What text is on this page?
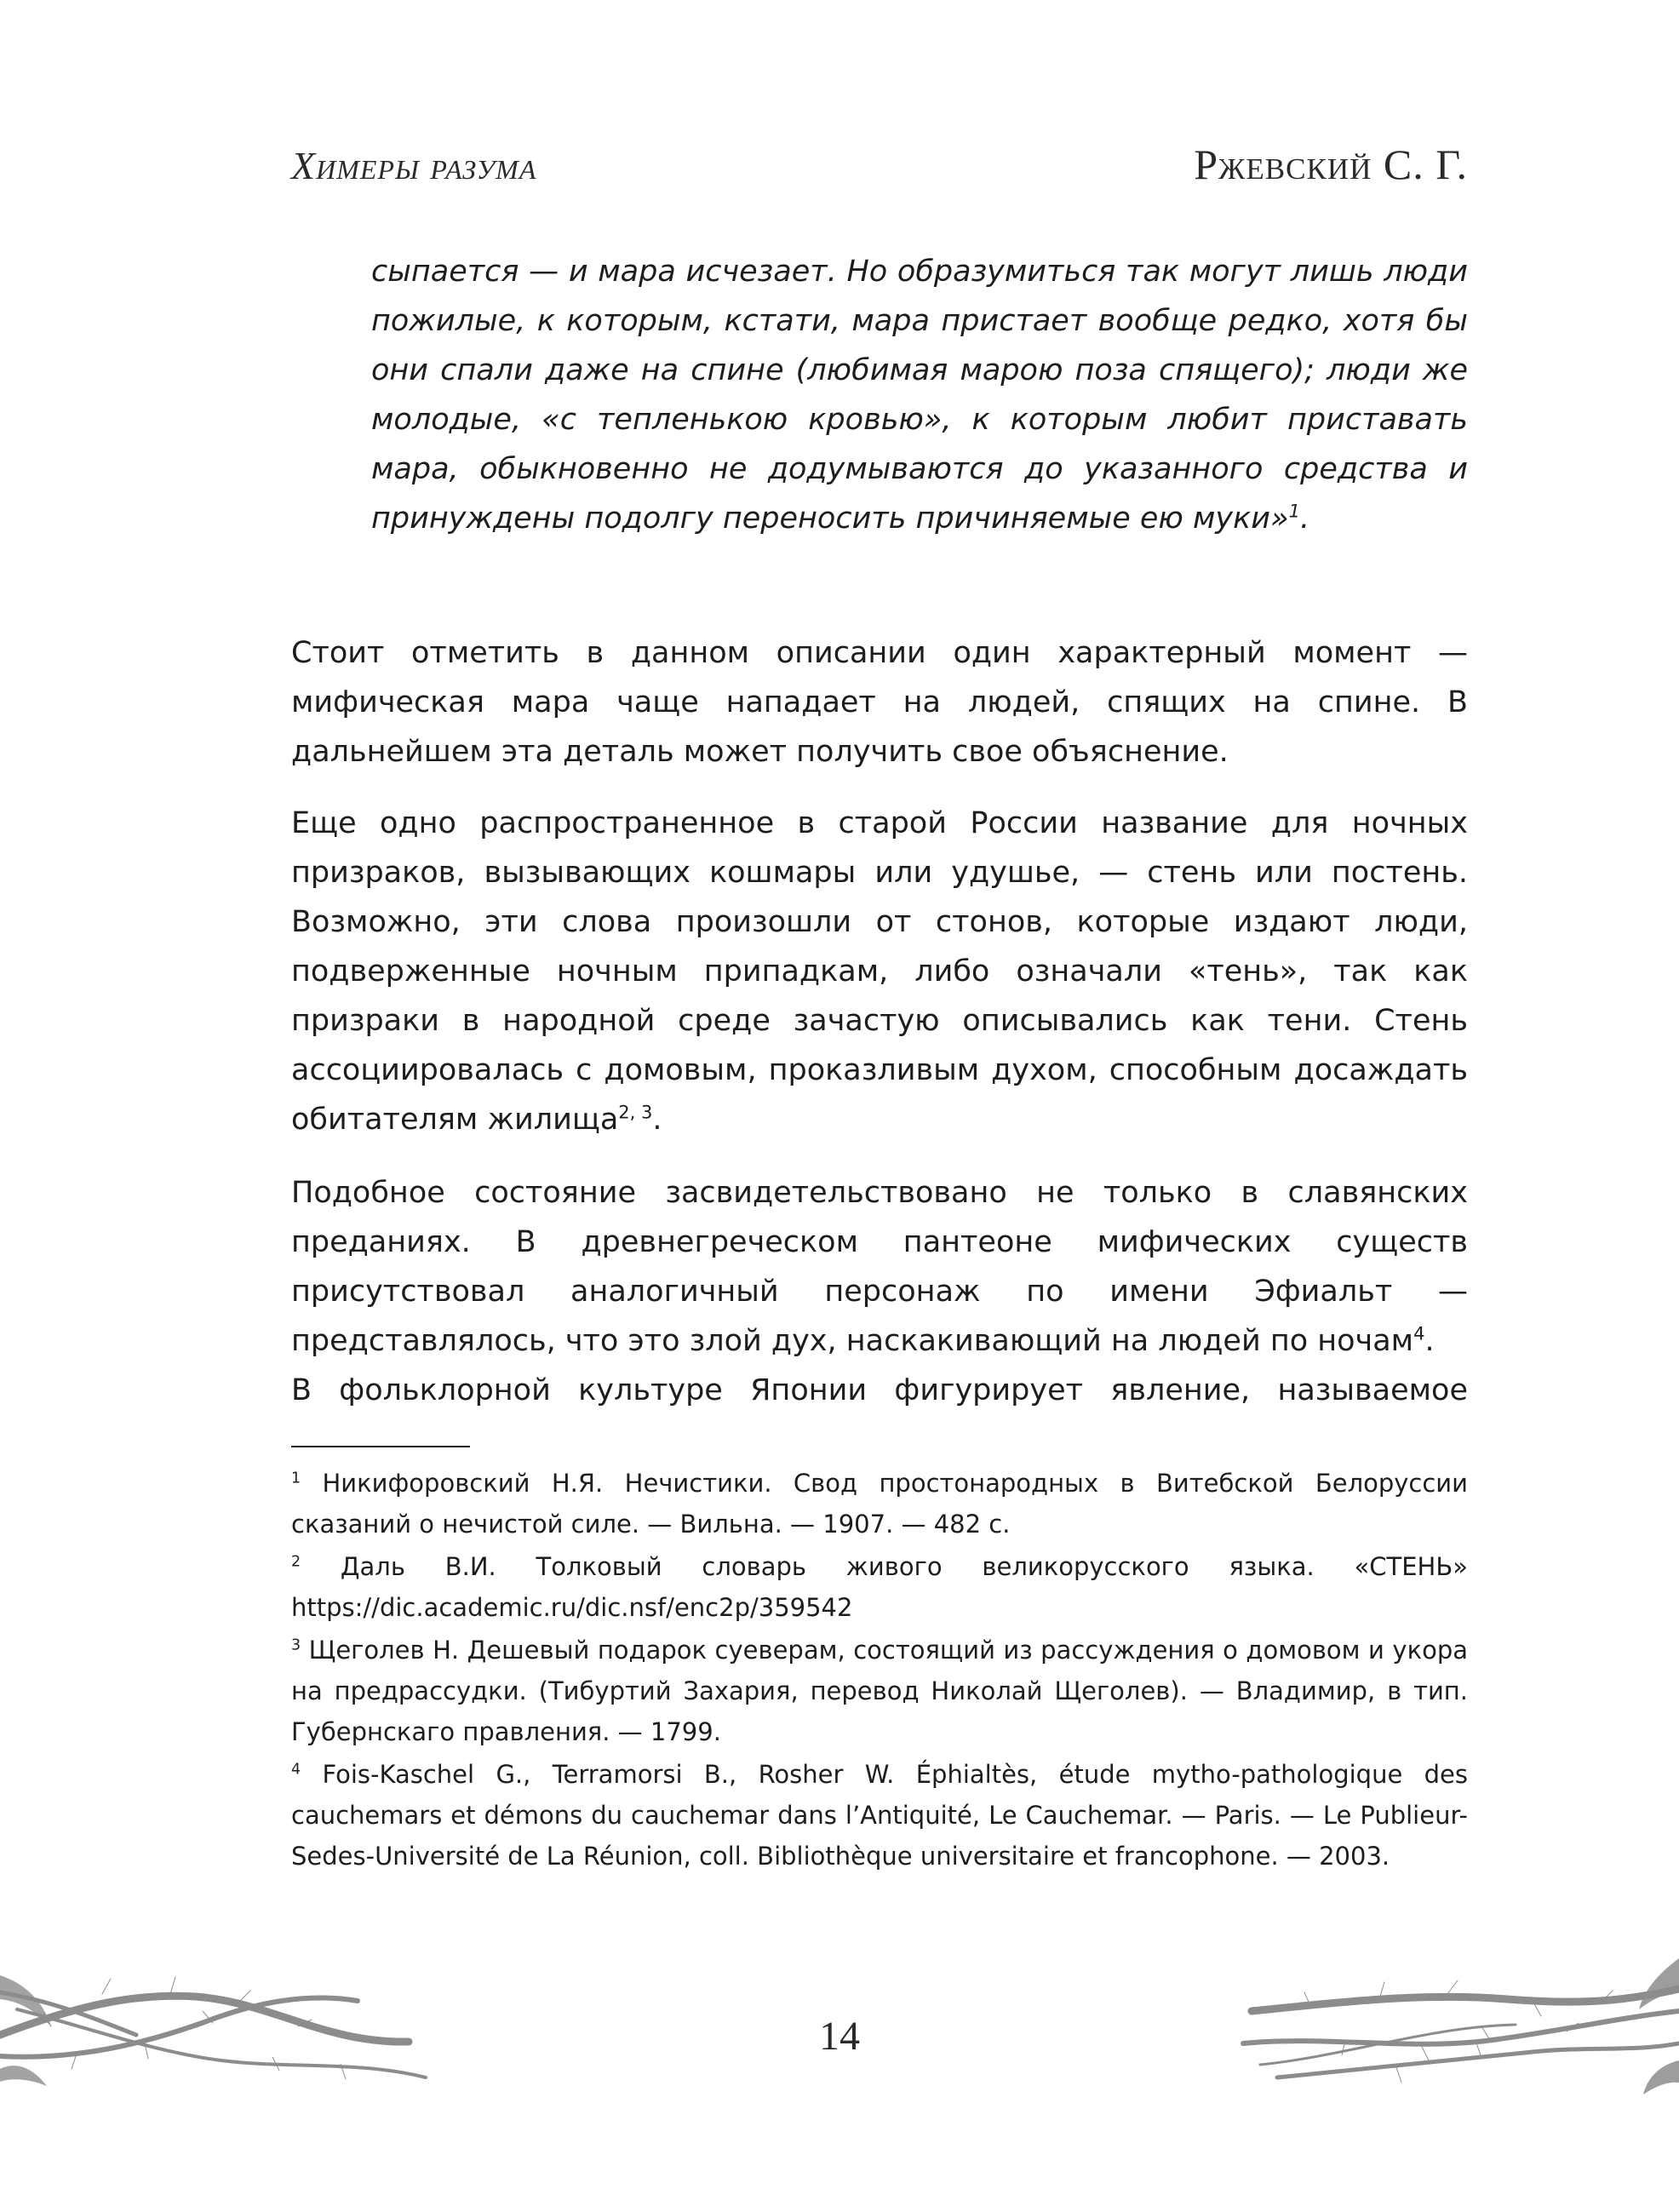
Химеры разума	Ржевский С. Г.

сыпается — и мара исчезает. Но образумиться так могут лишь люди пожилые, к которым, кстати, мара пристает вообще редко, хотя бы они спали даже на спине (любимая марою поза спящего); люди же молодые, «с тепленькою кровью», к которым любит приставать мара, обыкновенно не додумываются до указанного средства и принуждены подолгу переносить причиняемые ею муки»$^1$.

Стоит отметить в данном описании один характерный момент — мифическая мара чаще нападает на людей, спящих на спине. В дальнейшем эта деталь может получить свое объяснение.

Еще одно распространенное в старой России название для ночных призраков, вызывающих кошмары или удушье, — стень или постень. Возможно, эти слова произошли от стонов, которые издают люди, подверженные ночным припадкам, либо означали «тень», так как призраки в народной среде зачастую описывались как тени. Стень ассоциировалась с домовым, проказливым духом, способным досаждать обитателям жилища$^{2, 3}$.

Подобное состояние засвидетельствовано не только в славянских преданиях. В древнегреческом пантеоне мифических существ присутствовал аналогичный персонаж по имени Эфиальт — представлялось, что это злой дух, наскакивающий на людей по ночам$^4$.

В фольклорной культуре Японии фигурирует явление, называемое

$^1$ Никифоровский Н.Я. Нечистики. Свод простонародных в Витебской Белоруссии сказаний о нечистой силе. — Вильна. — 1907. — 482 с.

$^2$ Даль В.И. Толковый словарь живого великорусского языка. «СТЕНЬ» https://dic.academic.ru/dic.nsf/enc2p/359542

$^3$ Щеголев Н. Дешевый подарок суеверам, состоящий из рассуждения о домовом и укора на предрассудки. (Тибуртий Захария, перевод Николай Щеголев). — Владимир, в тип. Губернскаго правления. — 1799.

$^4$ Fois-Kaschel G., Terramorsi B., Rosher W. Éphialtès, étude mytho-pathologique des cauchemars et démons du cauchemar dans l’Antiquité, Le Cauchemar. — Paris. — Le Publieur-Sedes-Université de La Réunion, coll. Bibliothèque universitaire et francophone. — 2003.

14
